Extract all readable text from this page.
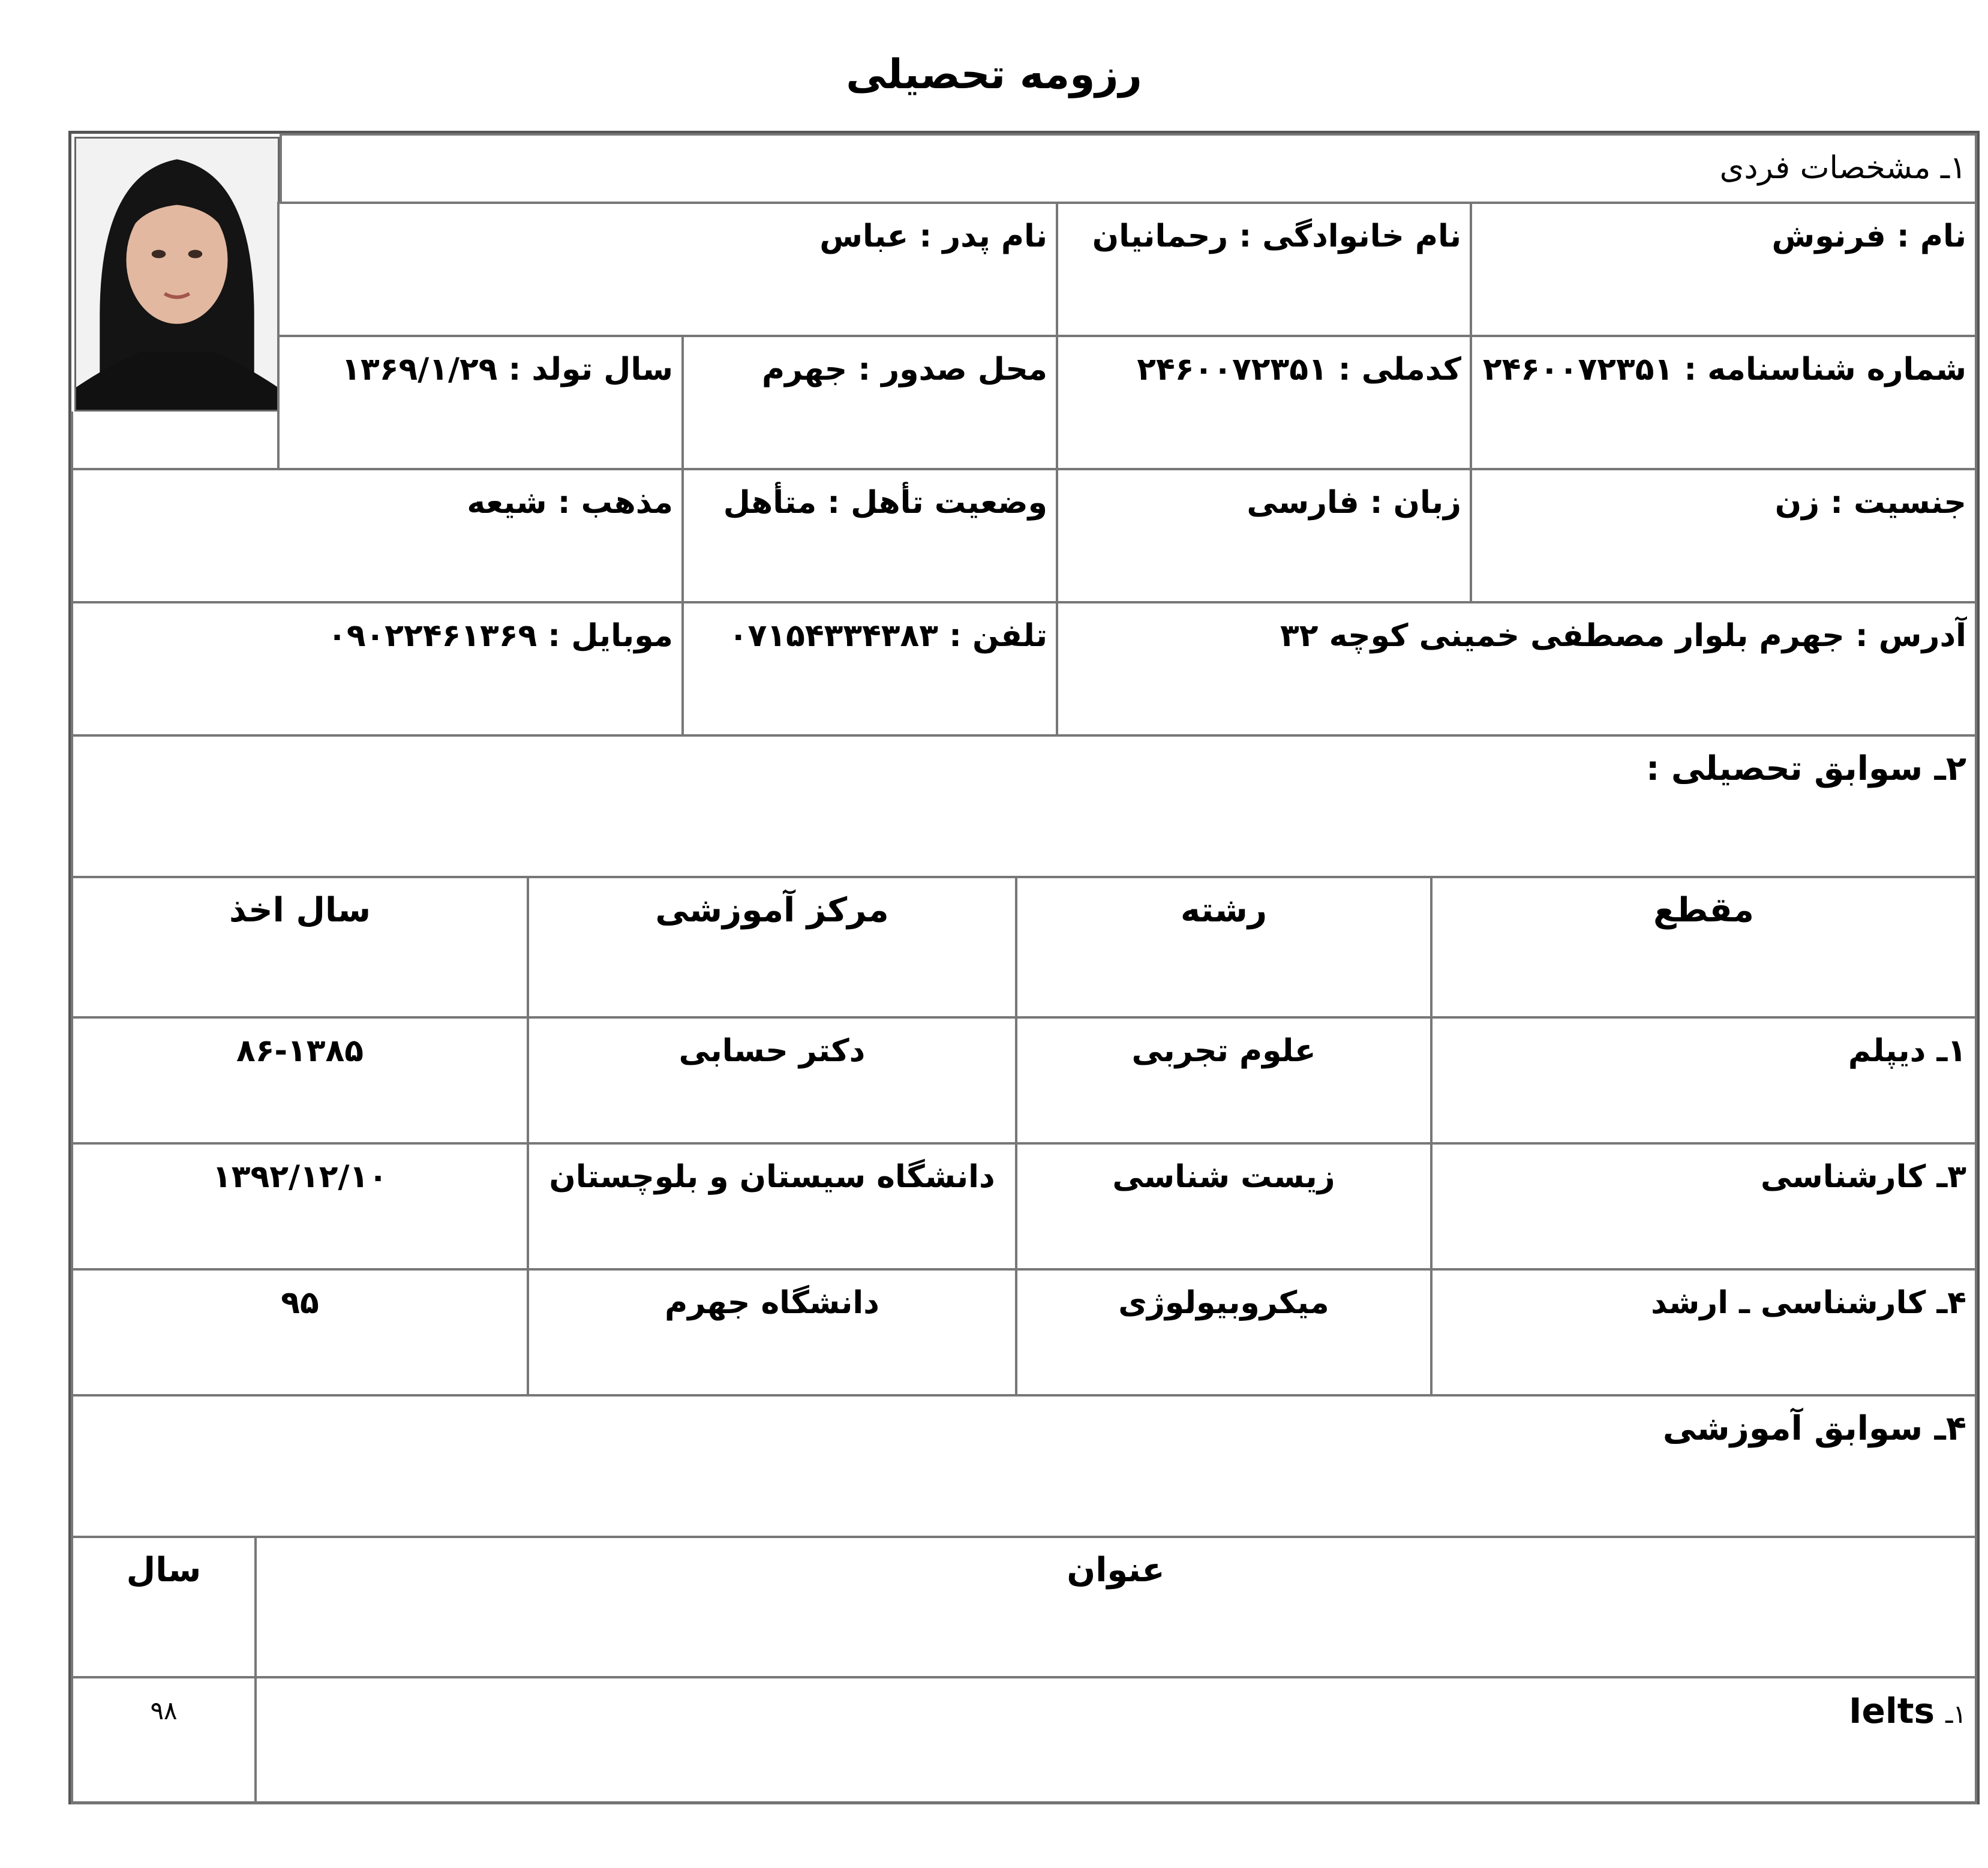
رزومه تحصیلی
۱ـ مشخصات فردی
نام : فرنوش
نام خانوادگی : رحمانیان
نام پدر : عباس
شماره شناسنامه : ۲۴۶۰۰۷۲۳۵۱
کدملی : ۲۴۶۰۰۷۲۳۵۱
محل صدور : جهرم
سال تولد : ۱۳۶۹/۱/۲۹
جنسیت : زن
زبان : فارسی
وضعیت تأهل : متأهل
مذهب : شیعه
آدرس : جهرم بلوار مصطفی خمینی کوچه ۳۲
تلفن : ۰۷۱۵۴۳۳۴۳۸۳
موبایل : ۰۹۰۲۲۴۶۱۳۶۹
۲ـ سوابق تحصیلی :
مقطع
رشته
مرکز آموزشی
سال اخذ
۱ـ دیپلم
علوم تجربی
دکتر حسابی
۸۶-۱۳۸۵
۳ـ کارشناسی
زیست شناسی
دانشگاه سیستان و بلوچستان
۱۳۹۲/۱۲/۱۰
۴ـ کارشناسی ـ ارشد
میکروبیولوژی
دانشگاه جهرم
۹۵
۴ـ سوابق آموزشی
عنوان
سال
۱ـ Ielts
۹۸
